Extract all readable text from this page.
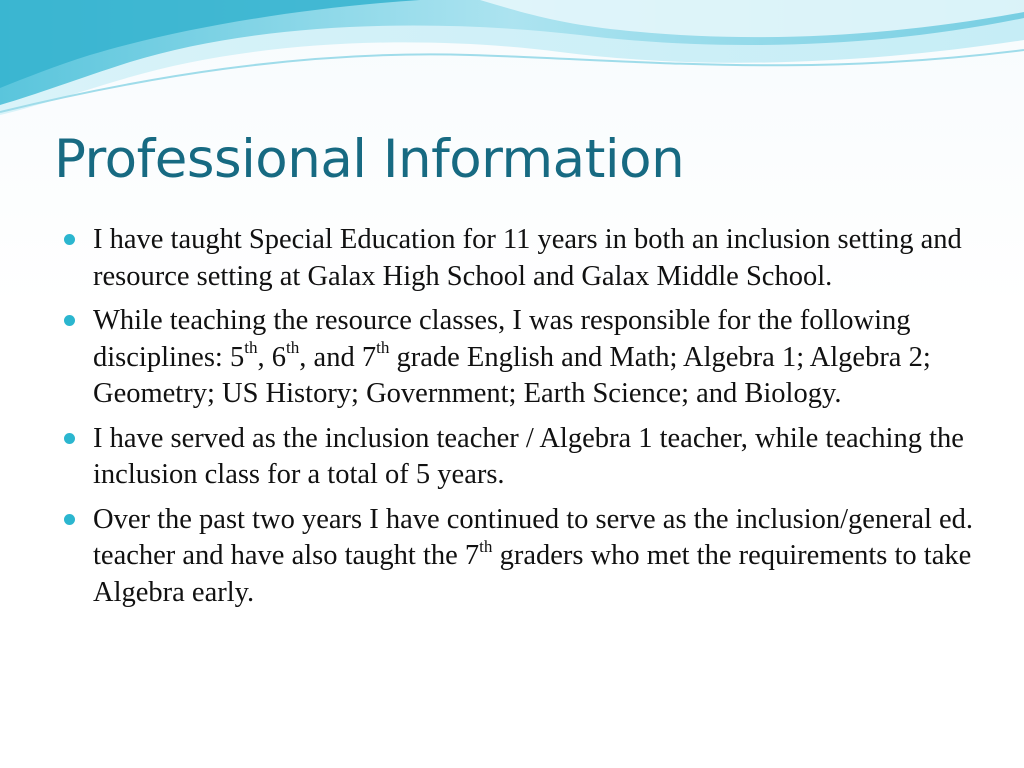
Professional Information
I have taught Special Education for 11 years in both an inclusion setting and resource setting at Galax High School and Galax Middle School.
While teaching the resource classes, I was responsible for the following disciplines: 5th, 6th, and 7th grade English and Math; Algebra 1; Algebra 2; Geometry; US History; Government; Earth Science; and Biology.
I have served as the inclusion teacher / Algebra 1 teacher, while teaching the inclusion class for a total of 5 years.
Over the past two years I have continued to serve as the inclusion/general ed. teacher and have also taught the 7th graders who met the requirements to take Algebra early.
